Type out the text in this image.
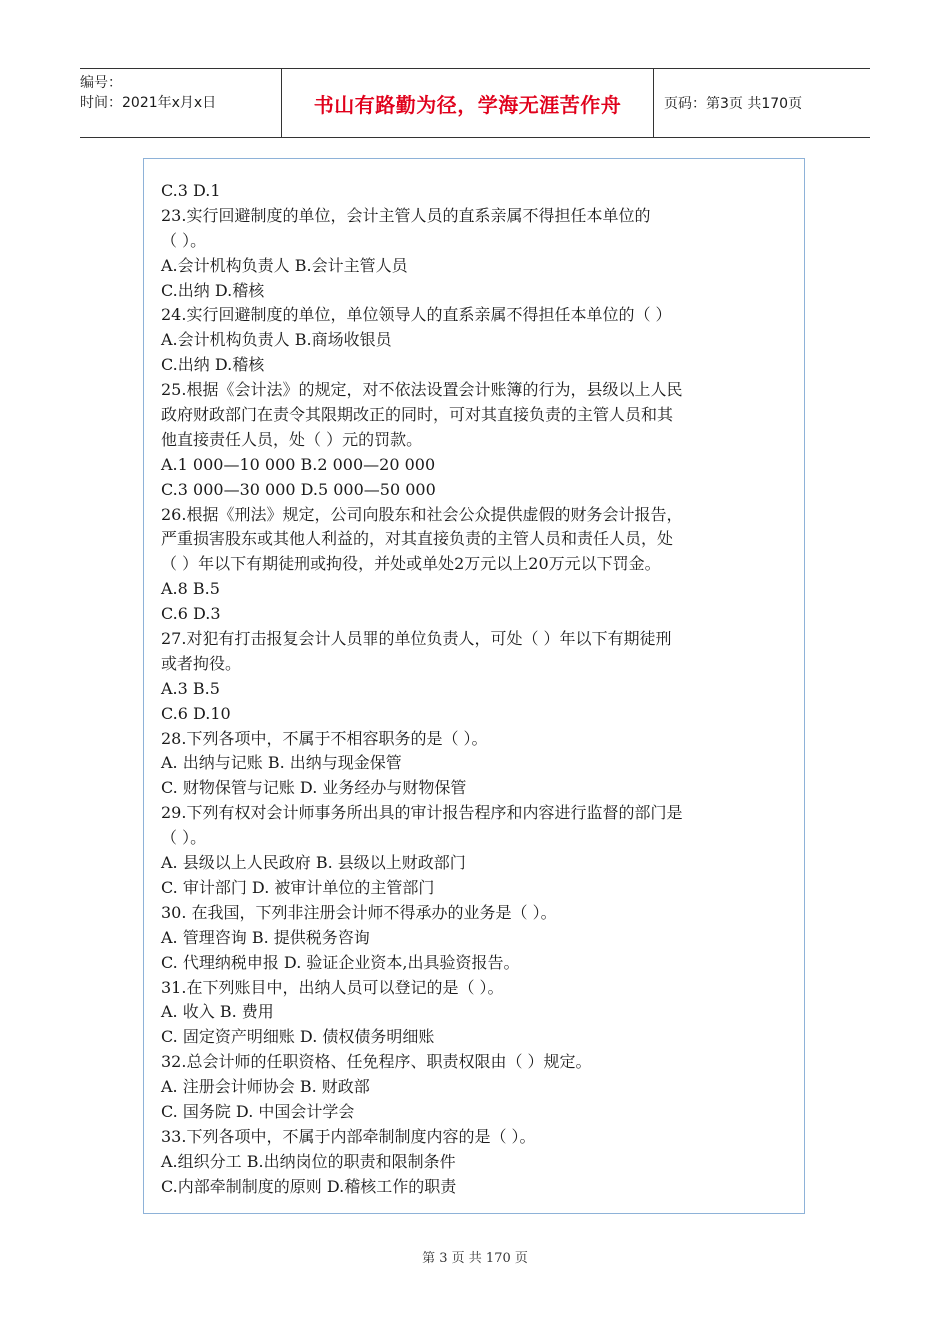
编号：
时间：2021年x月x日	书山有路勤为径，学海无涯苦作舟	页码：第3页 共170页
C.3 D.1
23.实行回避制度的单位，会计主管人员的直系亲属不得担任本单位的
（ ）。
A.会计机构负责人 B.会计主管人员
C.出纳 D.稽核
24.实行回避制度的单位，单位领导人的直系亲属不得担任本单位的（ ）
A.会计机构负责人 B.商场收银员
C.出纳 D.稽核
25.根据《会计法》的规定，对不依法设置会计账簿的行为，县级以上人民
政府财政部门在责令其限期改正的同时，可对其直接负责的主管人员和其
他直接责任人员，处（ ）元的罚款。
A.1 000—10 000 B.2 000—20 000
C.3 000—30 000 D.5 000—50 000
26.根据《刑法》规定，公司向股东和社会公众提供虚假的财务会计报告，
严重损害股东或其他人利益的，对其直接负责的主管人员和责任人员，处
（ ）年以下有期徒刑或拘役，并处或单处2万元以上20万元以下罚金。
A.8 B.5
C.6 D.3
27.对犯有打击报复会计人员罪的单位负责人，可处（ ）年以下有期徒刑
或者拘役。
A.3 B.5
C.6 D.10
28.下列各项中，不属于不相容职务的是（ ）。
A. 出纳与记账 B. 出纳与现金保管
C. 财物保管与记账 D. 业务经办与财物保管
29.下列有权对会计师事务所出具的审计报告程序和内容进行监督的部门是
（ ）。
A. 县级以上人民政府 B. 县级以上财政部门
C. 审计部门 D. 被审计单位的主管部门
30. 在我国，下列非注册会计师不得承办的业务是（ ）。
A. 管理咨询 B. 提供税务咨询
C. 代理纳税申报 D. 验证企业资本,出具验资报告。
31.在下列账目中，出纳人员可以登记的是（ ）。
A. 收入 B. 费用
C. 固定资产明细账 D. 债权债务明细账
32.总会计师的任职资格、任免程序、职责权限由（ ）规定。
A. 注册会计师协会 B. 财政部
C. 国务院 D. 中国会计学会
33.下列各项中，不属于内部牵制制度内容的是（ ）。
A.组织分工 B.出纳岗位的职责和限制条件
C.内部牵制制度的原则 D.稽核工作的职责
第 3 页 共 170 页
